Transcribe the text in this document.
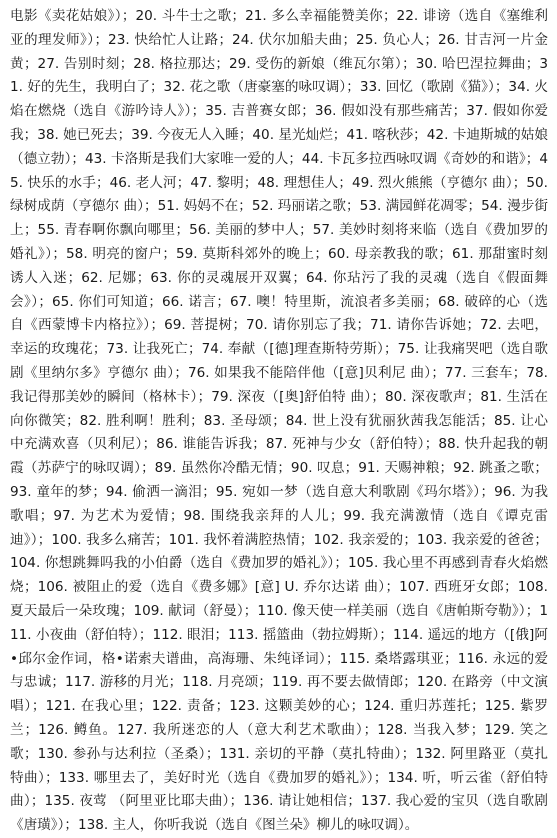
电影《卖花姑娘》）；20. 斗牛士之歌；21. 多么幸福能赞美你；22. 诽谤（选自《塞维利亚的理发师》）；23. 快给忙人让路；24. 伏尔加船夫曲；25. 负心人；26. 甘吉河一片金黄；27. 告别时刻；28. 格拉那达；29. 受伤的新娘（维瓦尔第）；30. 哈巴涅拉舞曲；31. 好的先生，我明白了；32. 花之歌（唐豪塞的咏叹调）；33. 回忆（歌剧《猫》）；34. 火焰在燃烧（选自《游吟诗人》）；35. 吉普赛女郎；36. 假如没有那些痛苦；37. 假如你爱我；38. 她已死去；39. 今夜无人入睡；40. 星光灿烂；41. 喀秋莎；42. 卡迪斯城的姑娘（德立勃）；43. 卡洛斯是我们大家唯一爱的人；44. 卡瓦多拉西咏叹调《奇妙的和谐》；45. 快乐的水手；46. 老人河；47. 黎明；48. 理想佳人；49. 烈火熊熊（亨德尔 曲）；50. 绿树成荫（亨德尔 曲）；51. 妈妈不在；52. 玛丽诺之歌；53. 满园鲜花凋零；54. 漫步街上；55. 青春啊你飘向哪里；56. 美丽的梦中人；57. 美妙时刻将来临（选自《费加罗的婚礼》）；58. 明亮的窗户；59. 莫斯科郊外的晚上；60. 母亲教我的歌；61. 那甜蜜时刻诱人入迷；62. 尼娜；63. 你的灵魂展开双翼；64. 你玷污了我的灵魂（选自《假面舞会》）；65. 你们可知道；66. 诺言；67. 噢！特里斯，流浪者多美丽；68. 破碎的心（选自《西蒙博卡内格拉》）；69. 菩提树；70. 请你别忘了我；71. 请你告诉她；72. 去吧，幸运的玫瑰花；73. 让我死亡；74. 奉献（[德]理查斯特劳斯）；75. 让我痛哭吧（选自歌剧《里纳尔多》亨德尔 曲）；76. 如果我不能陪伴他（[意]贝利尼 曲）；77. 三套车；78. 我记得那美妙的瞬间（格林卡）；79. 深夜（[奥]舒伯特 曲）；80. 深夜歌声；81. 生活在向你微笑；82. 胜利啊！胜利；83. 圣母颂；84. 世上没有犹丽狄茜我怎能活；85. 让心中充满欢喜（贝利尼）；86. 谁能告诉我；87. 死神与少女（舒伯特）；88. 快升起我的朝霞（苏萨宁的咏叹调）；89. 虽然你冷酷无情；90. 叹息；91. 天赐神粮；92. 跳蚤之歌；93. 童年的梦；94. 偷洒一滴泪；95. 宛如一梦（选自意大利歌剧《玛尔塔》）；96. 为我歌唱；97. 为艺术为爱情；98. 围绕我亲拜的人儿；99. 我充满激情（选自《谭克雷迪》）；100. 我多么痛苦；101. 我怀着满腔热情；102. 我亲爱的；103. 我亲爱的爸爸；104. 你想跳舞吗我的小伯爵（选自《费加罗的婚礼》）；105. 我心里不再感到青春火焰燃烧；106. 被阻止的爱（选自《费多娜》[意] U. 乔尔达诺 曲）；107. 西班牙女郎；108. 夏天最后一朵玫瑰；109. 献词（舒曼）；110. 像天使一样美丽（选自《唐帕斯夸勒》）；111. 小夜曲（舒伯特）；112. 眼泪；113. 摇篮曲（勃拉姆斯）；114. 遥远的地方（[俄]阿•邱尔金作词，格•诺索夫谱曲，高海珊、朱纯译词）；115. 桑塔露琪亚；116. 永远的爱与忠诚；117. 游移的月光；118. 月亮颂；119. 再不要去做情郎；120. 在路旁（中文演唱）；121. 在我心里；122. 责备；123. 这颗美妙的心；124. 重归苏莲托；125. 紫罗兰；126. 鳟鱼。127. 我所迷恋的人（意大利艺术歌曲）；128. 当我入梦；129. 笑之歌；130. 参孙与达利拉（圣桑）；131. 亲切的平静（莫扎特曲）；132. 阿里路亚（莫扎特曲）；133. 哪里去了，美好时光（选自《费加罗的婚礼》）；134. 听，听云雀（舒伯特曲）；135. 夜莺 （阿里亚比耶夫曲）；136. 请让她相信；137. 我心爱的宝贝（选自歌剧《唐璜》）；138. 主人，你听我说（选自《图兰朵》柳儿的咏叹调）。
